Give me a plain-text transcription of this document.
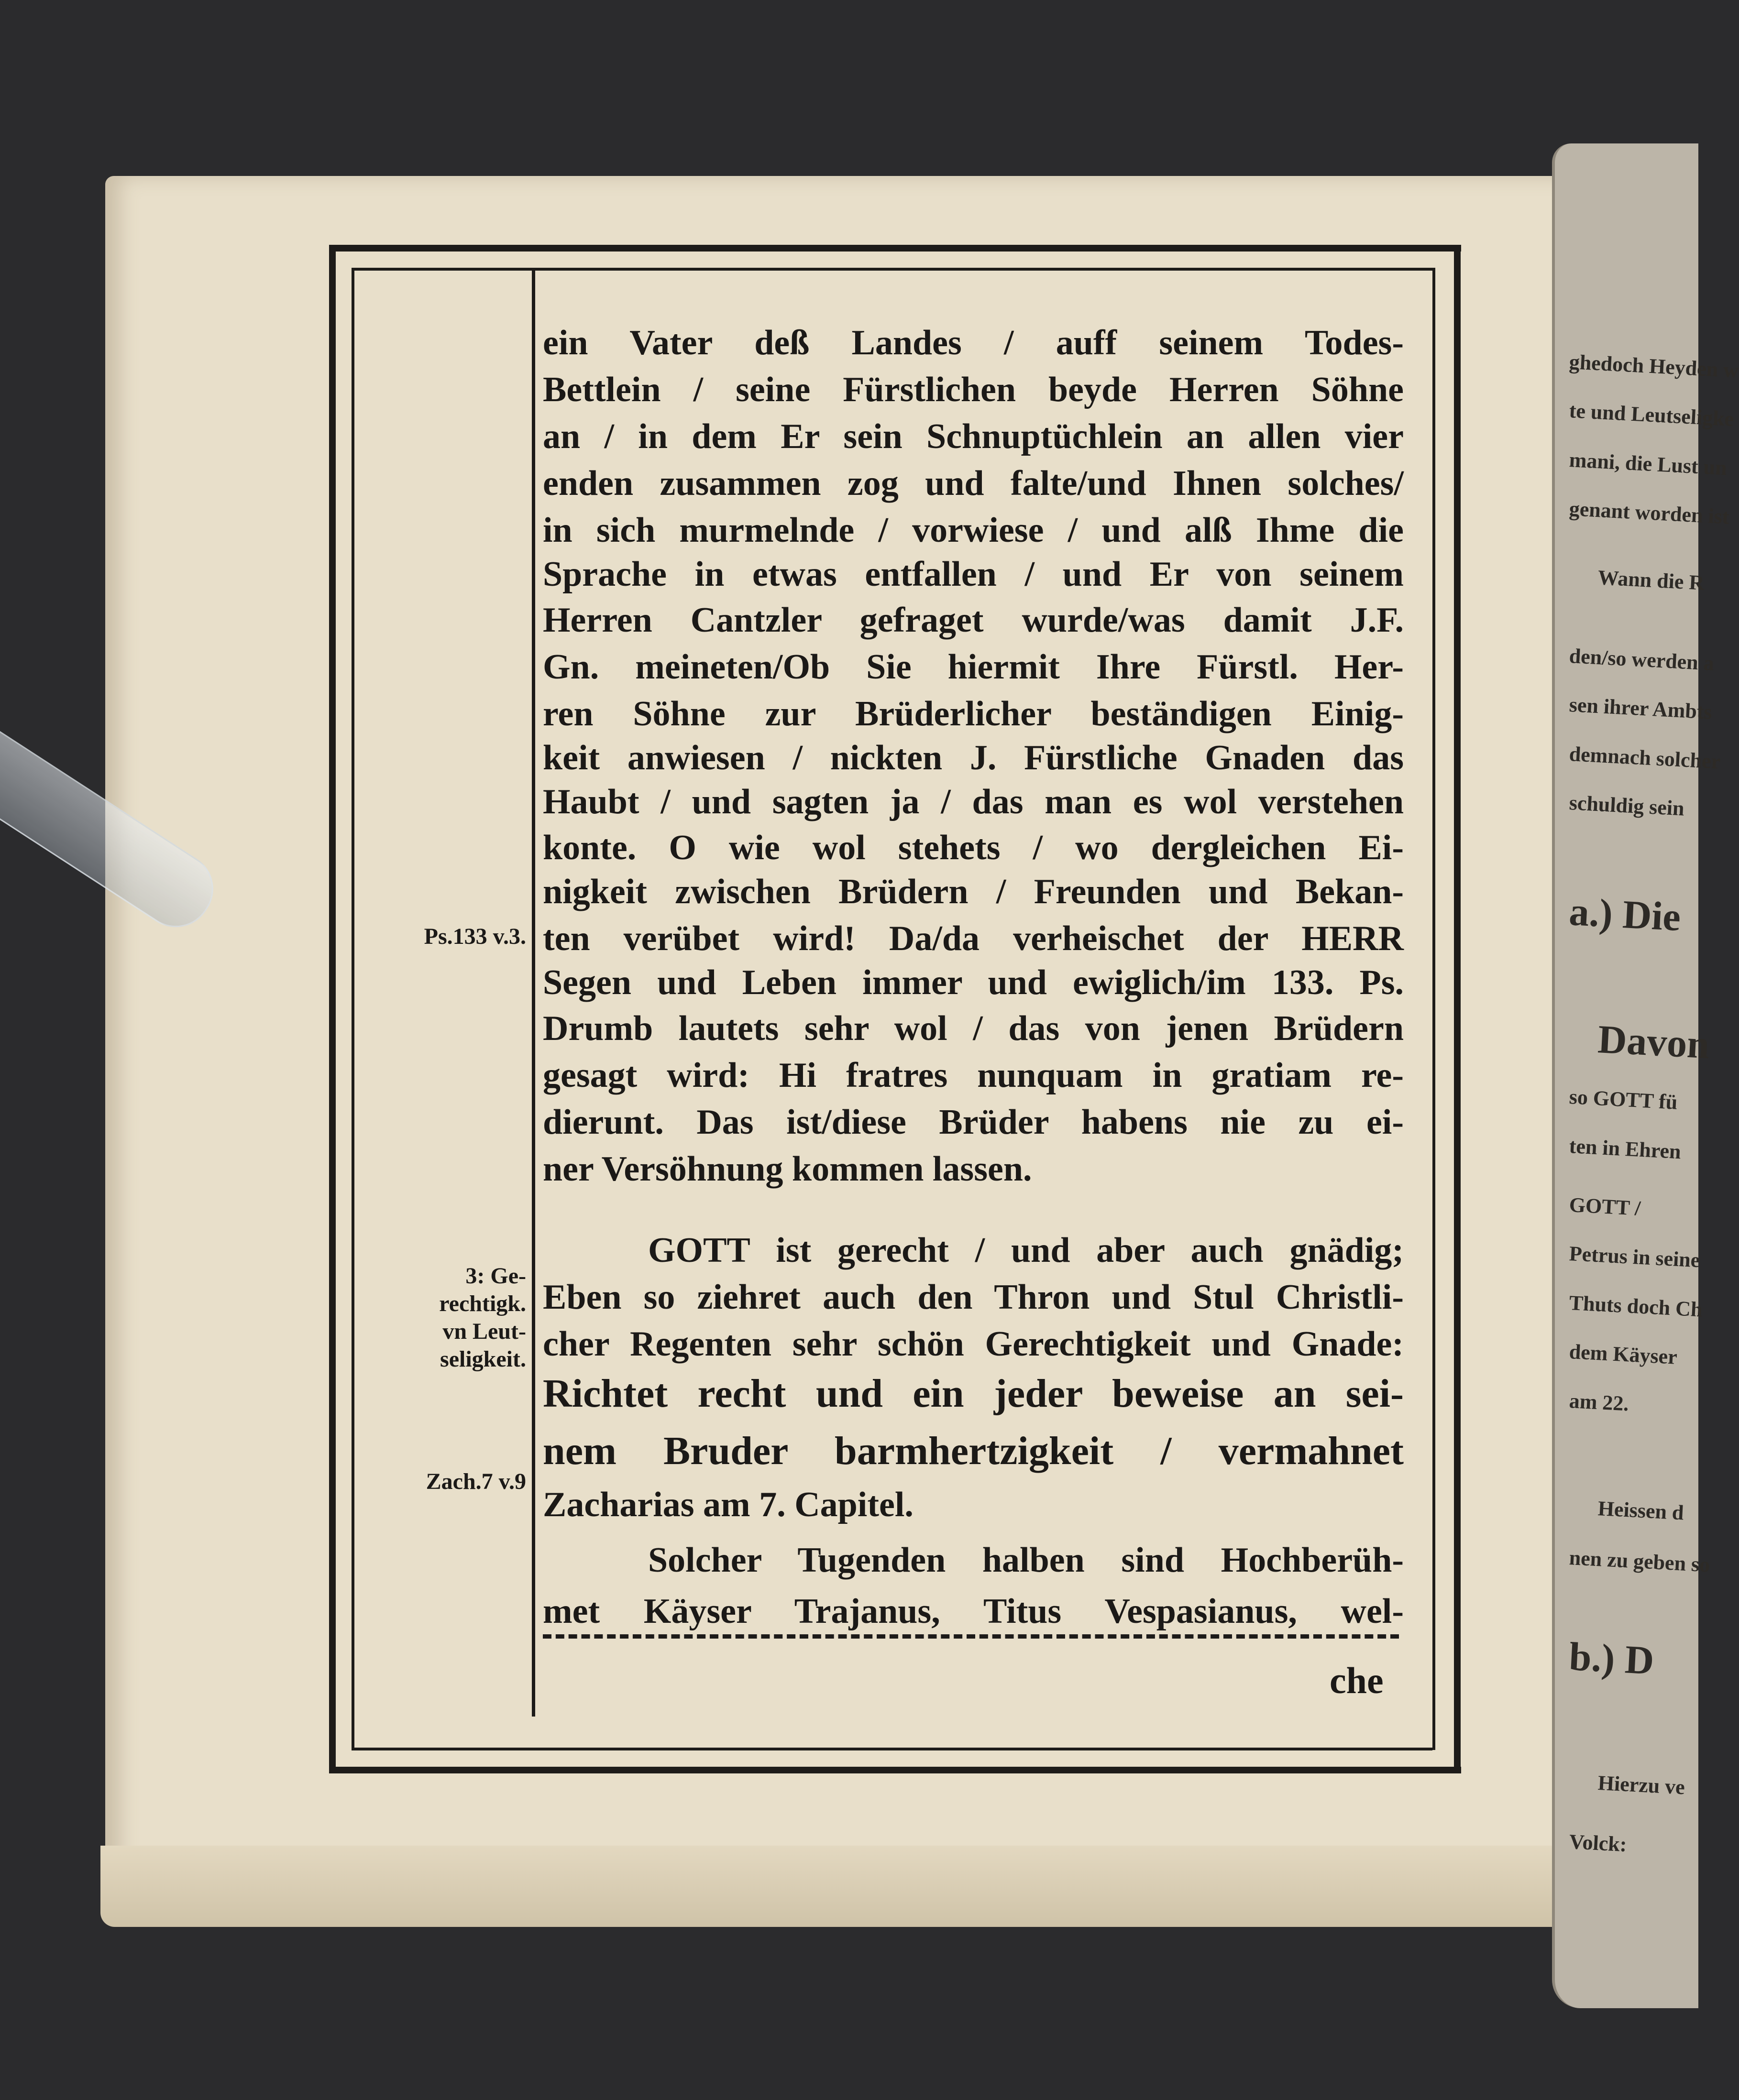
ein Vater deß Landes / auff seinem Todes-
Bettlein / seine Fürstlichen beyde Herren Söhne
an / in dem Er sein Schnuptüchlein an allen vier
enden zusammen zog und falte/und Ihnen solches/
in sich murmelnde / vorwiese / und alß Ihme die
Sprache in etwas entfallen / und Er von seinem
Herren Cantzler gefraget wurde/was damit J.F.
Gn. meineten/Ob Sie hiermit Ihre Fürstl. Her-
ren Söhne zur Brüderlicher beständigen Einig-
keit anwiesen / nickten J. Fürstliche Gnaden das
Haubt / und sagten ja / das man es wol verstehen
konte. O wie wol stehets / wo dergleichen Ei-
nigkeit zwischen Brüdern / Freunden und Bekan-
ten verübet wird! Da/da verheischet der HERR
Segen und Leben immer und ewiglich/im 133. Ps.
Drumb lautets sehr wol / das von jenen Brüdern
gesagt wird: Hi fratres nunquam in gratiam re-
dierunt. Das ist/diese Brüder habens nie zu ei-
ner Versöhnung kommen lassen.
GOTT ist gerecht / und aber auch gnädig;
Eben so ziehret auch den Thron und Stul Christli-
cher Regenten sehr schön Gerechtigkeit und Gnade:
Richtet recht und ein jeder beweise an sei-
nem Bruder barmhertzigkeit / vermahnet
Zacharias am 7. Capitel.
Solcher Tugenden halben sind Hochberüh-
met Käyser Trajanus, Titus Vespasianus, wel-
Ps.133 v.3.
3: Ge-
rechtigk.
vn Leut-
seligkeit.
Zach.7 v.9
che
ghedoch Heyden w
te und Leutseligke
mani, die Lust un
genant worden ist
Wann die R
den/so werden a
sen ihrer Ambts
demnach solcher
schuldig sein
a.) Die
Davon
so GOTT fü
ten in Ehren
GOTT /
Petrus in seine
Thuts doch Ch
dem Käyser
am 22.
Heissen d
nen zu geben so
b.) D
Hierzu ve
Volck:
